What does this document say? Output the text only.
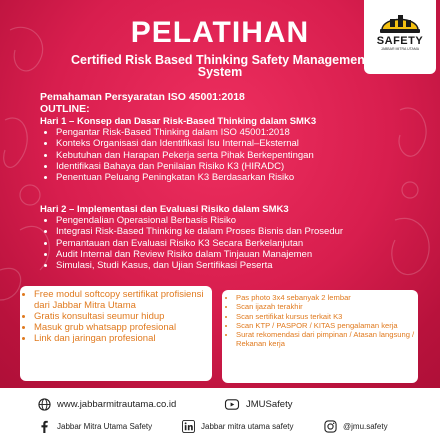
SAFETY
JABBAR MITRA UTAMA
PELATIHAN
Certified Risk Based Thinking Safety Management System
Pemahaman Persyaratan ISO 45001:2018
OUTLINE:
Hari 1 – Konsep dan Dasar Risk-Based Thinking dalam SMK3
• Pengantar Risk-Based Thinking dalam ISO 45001:2018
• Konteks Organisasi dan Identifikasi Isu Internal–Eksternal
• Kebutuhan dan Harapan Pekerja serta Pihak Berkepentingan
• Identifikasi Bahaya dan Penilaian Risiko K3 (HIRADC)
• Penentuan Peluang Peningkatan K3 Berdasarkan Risiko
Hari 2 – Implementasi dan Evaluasi Risiko dalam SMK3
• Pengendalian Operasional Berbasis Risiko
• Integrasi Risk-Based Thinking ke dalam Proses Bisnis dan Prosedur
• Pemantauan dan Evaluasi Risiko K3 Secara Berkelanjutan
• Audit Internal dan Review Risiko dalam Tinjauan Manajemen
• Simulasi, Studi Kasus, dan Ujian Sertifikasi Peserta
• Free modul softcopy sertifikat profisiensi dari Jabbar Mitra Utama
• Gratis konsultasi seumur hidup
• Masuk grub whatsapp profesional
• Link dan jaringan profesional
• Pas photo 3x4 sebanyak 2 lembar
• Scan ijazah terakhir
• Scan sertifikat kursus terkait K3
• Scan KTP / PASPOR / KITAS pengalaman kerja
• Surat rekomendasi dari pimpinan / Atasan langsung / Rekanan kerja
www.jabbarmitrautama.co.id	JMUSafety
Jabbar Mitra Utama Safety	Jabbar mitra utama safety	@jmu.safety
